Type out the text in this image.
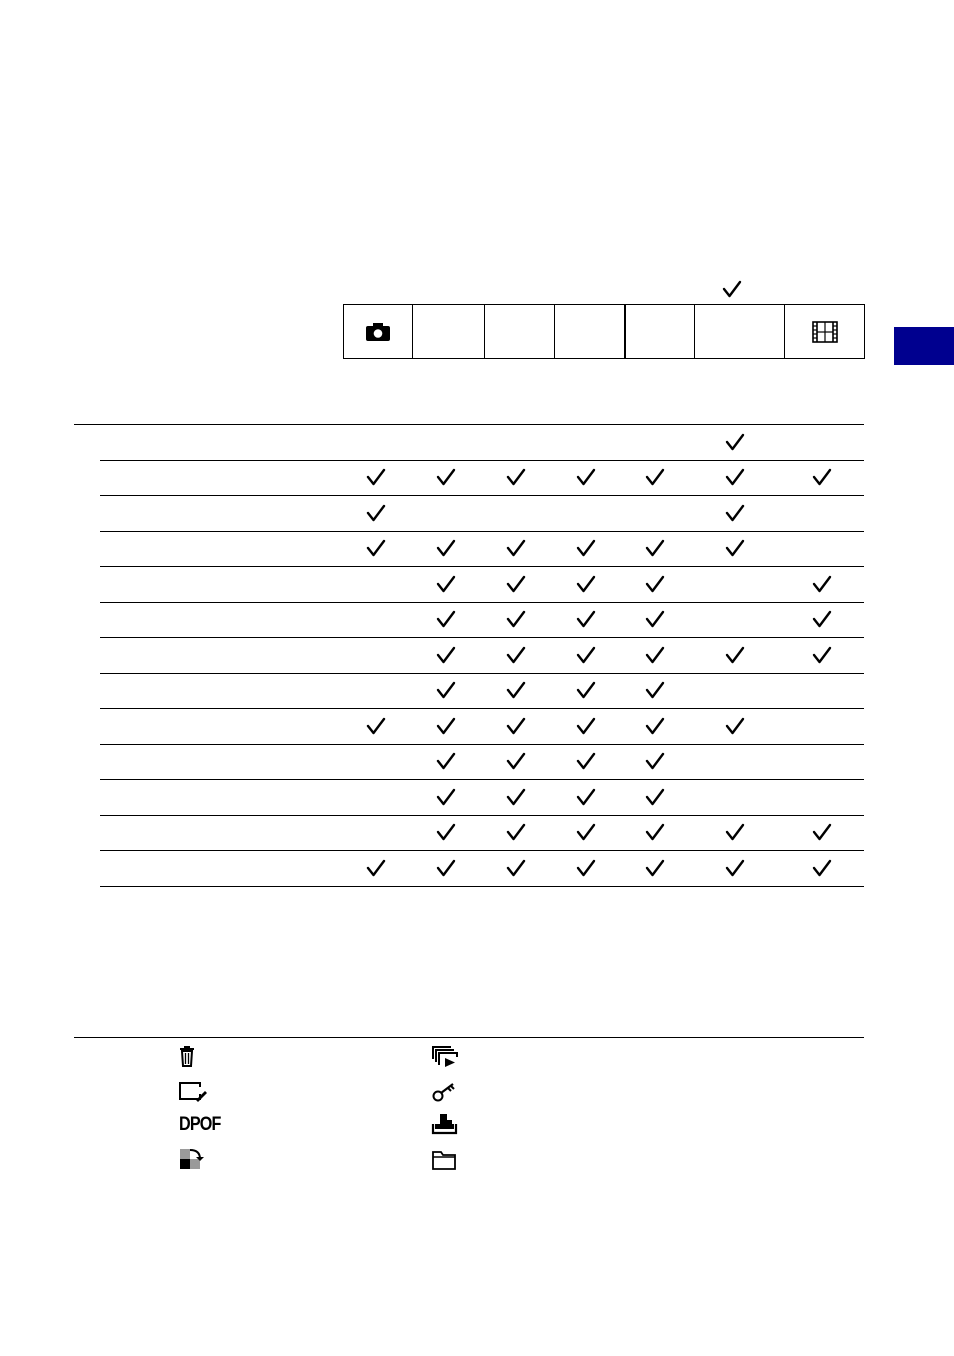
DPOF
